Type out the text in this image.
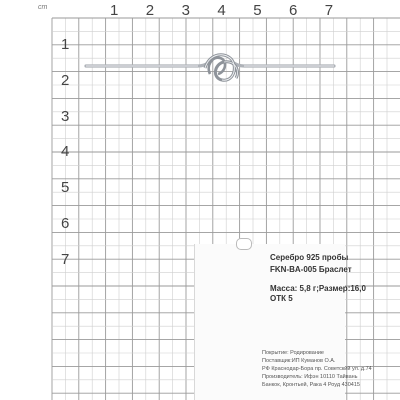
cm	1 2 3 4 5 6 7
1
2
3
4
5
6
7	Серебро 925 пробы
FKN-BA-005 Браслет
Масса: 5,8 г;Размер:16,0
ОТК 5
Покрытие: Родирование
Поставщик:ИП Куманов О.А.
РФ Краснодар-Бора пр. Советский ул. д.74
Производитель: Ифэн 10110 Тайвань
Банкок, Кронтьей, Рака 4 Роуд 430415
